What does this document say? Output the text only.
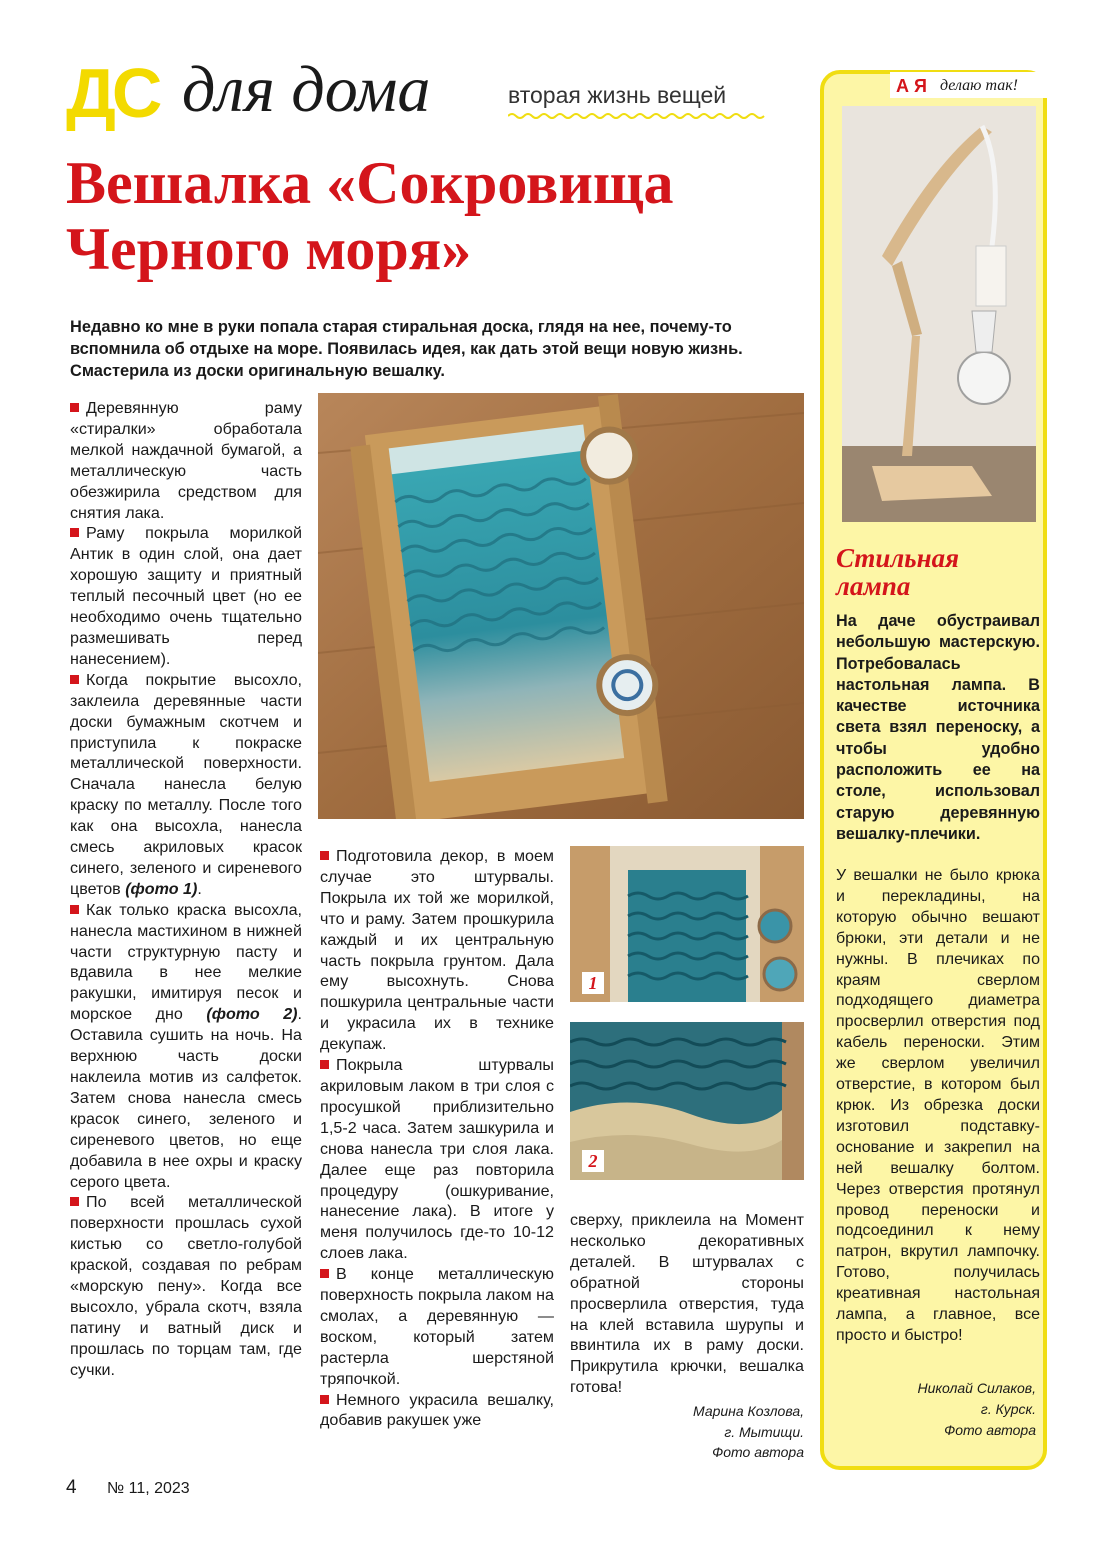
ДС для дома	вторая жизнь вещей
Вешалка «Сокровища
Черного моря»
Недавно ко мне в руки попала старая стиральная доска, глядя на нее, почему-то вспомнила об отдыхе на море. Появилась идея, как дать этой вещи новую жизнь. Смастерила из доски оригинальную вешалку.

Деревянную раму «стиралки» обработала мелкой наждачной бумагой, а металлическую часть обезжирила средством для снятия лака.

Раму покрыла морилкой Антик в один слой, она дает хорошую защиту и приятный теплый песочный цвет (но ее необходимо очень тщательно размешивать перед нанесением).

Когда покрытие высохло, заклеила деревянные части доски бумажным скотчем и приступила к покраске металлической поверхности. Сначала нанесла белую краску по металлу. После того как она высохла, нанесла смесь акриловых красок синего, зеленого и сиреневого цветов (фото 1).

Как только краска высохла, нанесла мастихином в нижней части структурную пасту и вдавила в нее мелкие ракушки, имитируя песок и морское дно (фото 2). Оставила сушить на ночь. На верхнюю часть доски наклеила мотив из салфеток. Затем снова нанесла смесь красок синего, зеленого и сиреневого цветов, но еще добавила в нее охры и краску серого цвета.

По всей металлической поверхности прошлась сухой кистью со светло-голубой краской, создавая по ребрам «морскую пену». Когда все высохло, убрала скотч, взяла патину и ватный диск и прошлась по торцам там, где сучки.

Подготовила декор, в моем случае это штурвалы. Покрыла их той же морилкой, что и раму. Затем прошкурила каждый и их центральную часть покрыла грунтом. Дала ему высохнуть. Снова пошкурила центральные части и украсила их в технике декупаж.

Покрыла штурвалы акриловым лаком в три слоя с просушкой приблизительно 1,5-2 часа. Затем зашкурила и снова нанесла три слоя лака. Далее еще раз повторила процедуру (ошкуривание, нанесение лака). В итоге у меня получилось где-то 10-12 слоев лака.

В конце металлическую поверхность покрыла лаком на смолах, а деревянную — воском, который затем растерла шерстяной тряпочкой.

Немного украсила вешалку, добавив ракушек уже

1
2

сверху, приклеила на Момент несколько декоративных деталей. В штурвалах с обратной стороны просверлила отверстия, туда на клей вставила шурупы и ввинтила их в раму доски. Прикрутила крючки, вешалка готова!

Марина Козлова,
г. Мытищи.
Фото автора
А Я делаю так!
Стильная
лампа
На даче обустраивал небольшую мастерскую. Потребовалась настольная лампа. В качестве источника света взял переноску, а чтобы удобно расположить ее на столе, использовал старую деревянную вешалку-плечики.

У вешалки не было крюка и перекладины, на которую обычно вешают брюки, эти детали и не нужны. В плечиках по краям сверлом подходящего диаметра просверлил отверстия под кабель переноски. Этим же сверлом увеличил отверстие, в котором был крюк. Из обрезка доски изготовил подставку-основание и закрепил на ней вешалку болтом. Через отверстия протянул провод переноски и подсоединил к нему патрон, вкрутил лампочку. Готово, получилась креативная настольная лампа, а главное, все просто и быстро!

Николай Силаков,
г. Курск.
Фото автора
4 № 11, 2023
